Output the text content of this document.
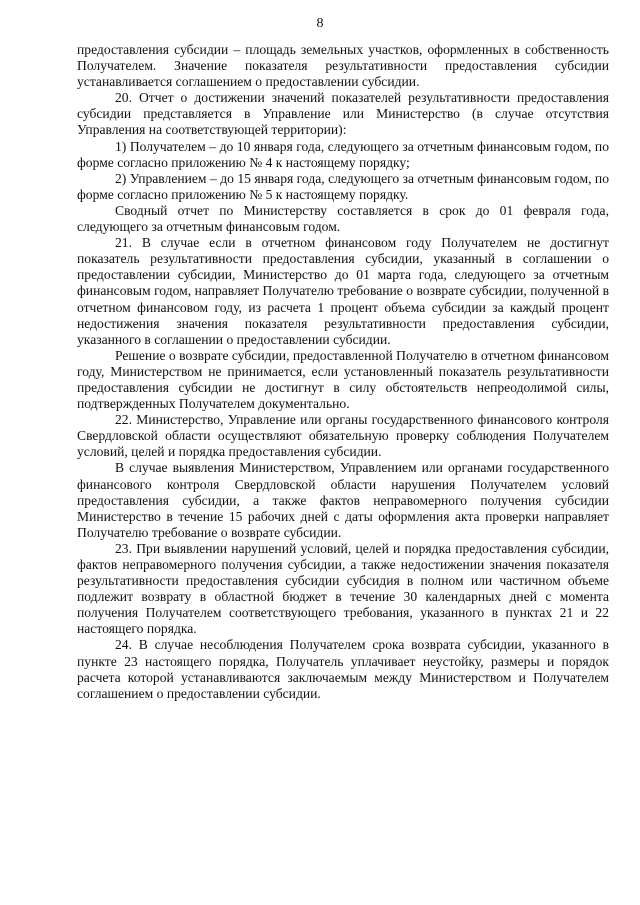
8

предоставления субсидии – площадь земельных участков, оформленных в собственность Получателем. Значение показателя результативности предоставления субсидии устанавливается соглашением о предоставлении субсидии.

20. Отчет о достижении значений показателей результативности предоставления субсидии представляется в Управление или Министерство (в случае отсутствия Управления на соответствующей территории):

1) Получателем – до 10 января года, следующего за отчетным финансовым годом, по форме согласно приложению № 4 к настоящему порядку;

2) Управлением – до 15 января года, следующего за отчетным финансовым годом, по форме согласно приложению № 5 к настоящему порядку.

Сводный отчет по Министерству составляется в срок до 01 февраля года, следующего за отчетным финансовым годом.

21. В случае если в отчетном финансовом году Получателем не достигнут показатель результативности предоставления субсидии, указанный в соглашении о предоставлении субсидии, Министерство до 01 марта года, следующего за отчетным финансовым годом, направляет Получателю требование о возврате субсидии, полученной в отчетном финансовом году, из расчета 1 процент объема субсидии за каждый процент недостижения значения показателя результативности предоставления субсидии, указанного в соглашении о предоставлении субсидии.

Решение о возврате субсидии, предоставленной Получателю в отчетном финансовом году, Министерством не принимается, если установленный показатель результативности предоставления субсидии не достигнут в силу обстоятельств непреодолимой силы, подтвержденных Получателем документально.

22. Министерство, Управление или органы государственного финансового контроля Свердловской области осуществляют обязательную проверку соблюдения Получателем условий, целей и порядка предоставления субсидии.

В случае выявления Министерством, Управлением или органами государственного финансового контроля Свердловской области нарушения Получателем условий предоставления субсидии, а также фактов неправомерного получения субсидии Министерство в течение 15 рабочих дней с даты оформления акта проверки направляет Получателю требование о возврате субсидии.

23. При выявлении нарушений условий, целей и порядка предоставления субсидии, фактов неправомерного получения субсидии, а также недостижении значения показателя результативности предоставления субсидии субсидия в полном или частичном объеме подлежит возврату в областной бюджет в течение 30 календарных дней с момента получения Получателем соответствующего требования, указанного в пунктах 21 и 22 настоящего порядка.

24. В случае несоблюдения Получателем срока возврата субсидии, указанного в пункте 23 настоящего порядка, Получатель уплачивает неустойку, размеры и порядок расчета которой устанавливаются заключаемым между Министерством и Получателем соглашением о предоставлении субсидии.
